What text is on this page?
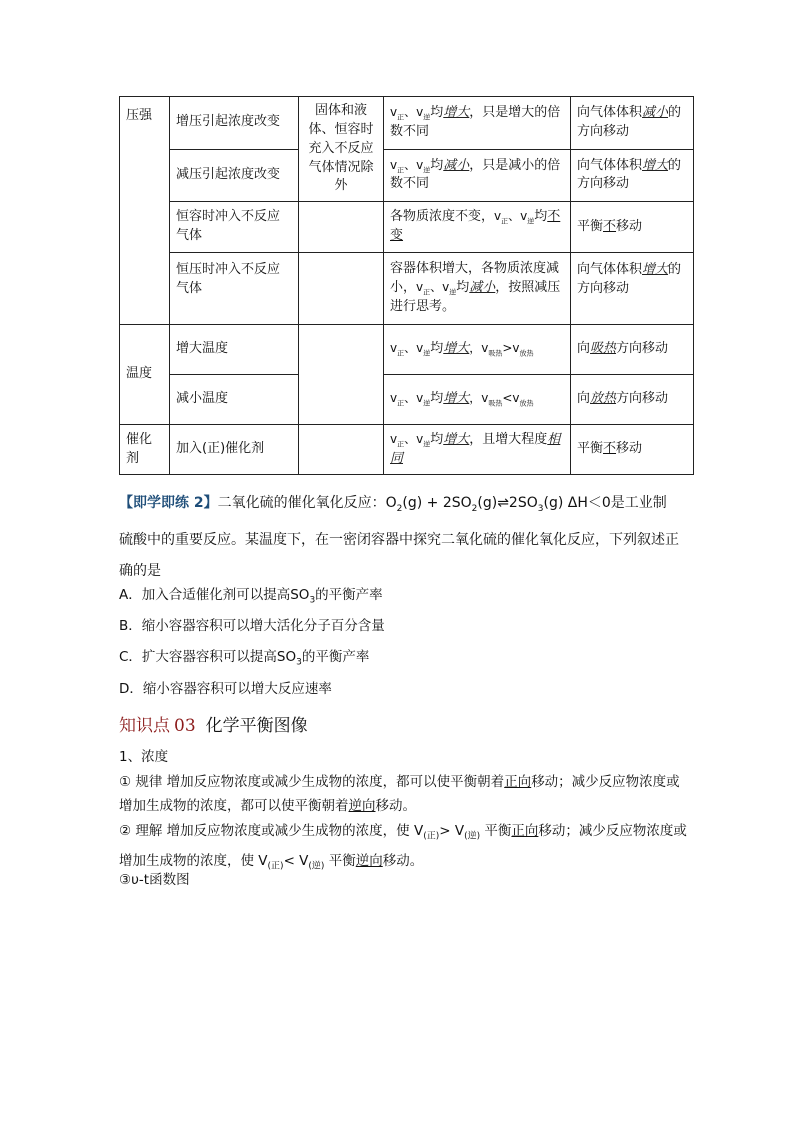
压强	增压引起浓度改变	固体和液体、恒容时充入不反应气体情况除外	$v_正$、$v_逆$均增大，只是增大的倍数不同	向气体体积减小的方向移动
	减压引起浓度改变		$v_正$、$v_逆$均减小，只是减小的倍数不同	向气体体积增大的方向移动
	恒容时冲入不反应气体		各物质浓度不变，$v_正$、$v_逆$均不变	平衡不移动
	恒压时冲入不反应气体		容器体积增大，各物质浓度减小，$v_正$、$v_逆$均减小，按照减压进行思考。	向气体体积增大的方向移动
温度	增大温度		$v_正$、$v_逆$均增大，$v_{吸热}>v_{放热}$	向吸热方向移动
	减小温度		$v_正$、$v_逆$均增大，$v_{吸热}<v_{放热}$	向放热方向移动
催化剂	加入(正)催化剂		$v_正$、$v_逆$均增大，且增大程度相同	平衡不移动
【即学即练 2】二氧化硫的催化氧化反应：$O_2(g)$ + $2SO_2(g)\rightleftharpoons 2SO_3(g)$ ΔH＜0是工业制硫酸中的重要反应。某温度下，在一密闭容器中探究二氧化硫的催化氧化反应，下列叙述正确的是
A．加入合适催化剂可以提高$SO_3$的平衡产率
B．缩小容器容积可以增大活化分子百分含量
C．扩大容器容积可以提高$SO_3$的平衡产率
D．缩小容器容积可以增大反应速率
知识点 03 化学平衡图像
1、浓度
① 规律 增加反应物浓度或减少生成物的浓度，都可以使平衡朝着正向移动；减少反应物浓度或增加生成物的浓度，都可以使平衡朝着逆向移动。
② 理解 增加反应物浓度或减少生成物的浓度，使 $V_{(正)}> V_{(逆)}$ 平衡正向移动；减少反应物浓度或增加生成物的浓度，使 $V_{(正)}< V_{(逆)}$ 平衡逆向移动。
③υ-t函数图
